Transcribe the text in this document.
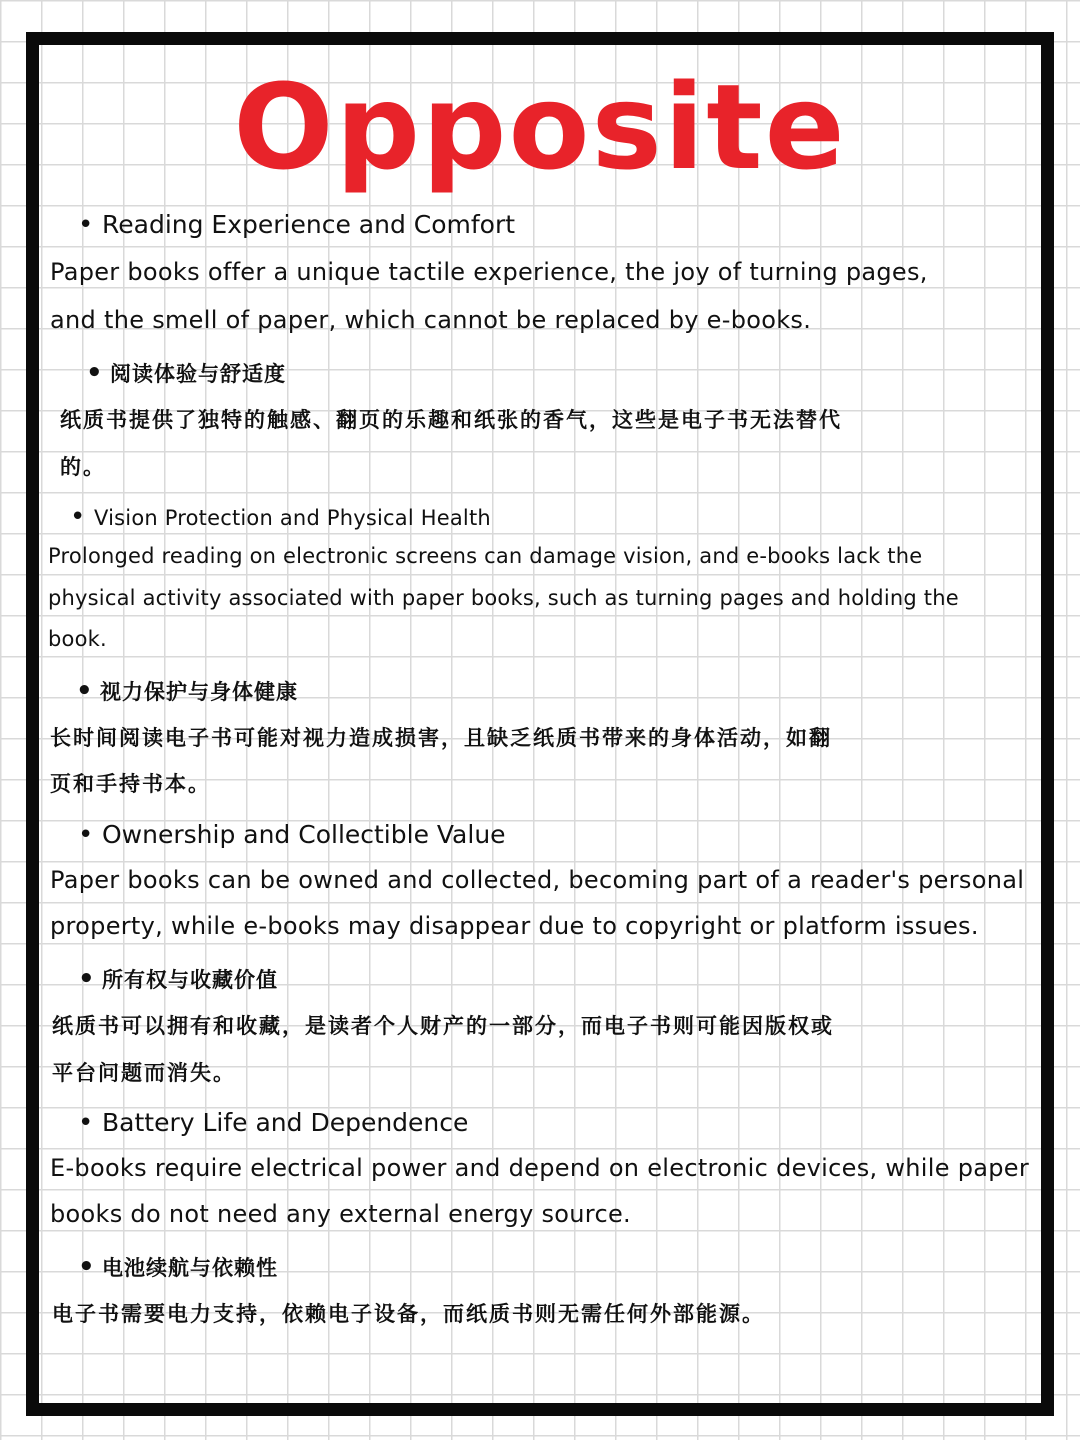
Opposite

• Reading Experience and Comfort

Paper books offer a unique tactile experience, the joy of turning pages,

and the smell of paper, which cannot be replaced by e-books.

• 阅读体验与舒适度

纸质书提供了独特的触感、翻页的乐趣和纸张的香气，这些是电子书无法替代

的。

• Vision Protection and Physical Health

Prolonged reading on electronic screens can damage vision, and e-books lack the

physical activity associated with paper books, such as turning pages and holding the

book.

• 视力保护与身体健康

长时间阅读电子书可能对视力造成损害，且缺乏纸质书带来的身体活动，如翻

页和手持书本。

• Ownership and Collectible Value

Paper books can be owned and collected, becoming part of a reader's personal

property, while e-books may disappear due to copyright or platform issues.

• 所有权与收藏价值

纸质书可以拥有和收藏，是读者个人财产的一部分，而电子书则可能因版权或

平台问题而消失。

• Battery Life and Dependence

E-books require electrical power and depend on electronic devices, while paper

books do not need any external energy source.

• 电池续航与依赖性

电子书需要电力支持，依赖电子设备，而纸质书则无需任何外部能源。
